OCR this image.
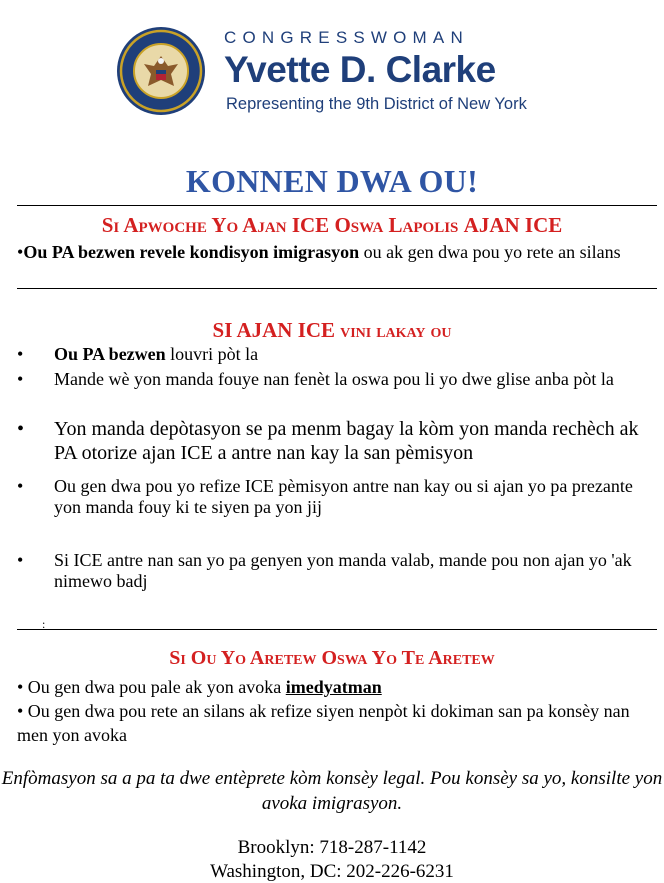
CONGRESSWOMAN
Yvette D. Clarke
Representing the 9th District of New York
KONNEN DWA OU!
Si Apwoche Yo Ajan ICE Oswa Lapolis AJAN ICE
•Ou PA bezwen revele kondisyon imigrasyon ou ak gen dwa pou yo rete an silans
SI AJAN ICE vini lakay ou
• Ou PA bezwen louvri pòt la
• Mande wè yon manda fouye nan fenèt la oswa pou li yo dwe glise anba pòt la
• Yon manda depòtasyon se pa menm bagay la kòm yon manda rechèch ak PA otorize ajan ICE a antre nan kay la san pèmisyon
• Ou gen dwa pou yo refize ICE pèmisyon antre nan kay ou si ajan yo pa prezante yon manda fouy ki te siyen pa yon jij
• Si ICE antre nan san yo pa genyen yon manda valab, mande pou non ajan yo 'ak nimewo badj
:
Si Ou Yo Aretew Oswa Yo Te Aretew
• Ou gen dwa pou pale ak yon avoka imedyatman
• Ou gen dwa pou rete an silans ak refize siyen nenpòt ki dokiman san pa konsèy nan men yon avoka
Enfòmasyon sa a pa ta dwe entèprete kòm konsèy legal. Pou konsèy sa yo, konsilte yon avoka imigrasyon.
Brooklyn: 718-287-1142
Washington, DC: 202-226-6231
